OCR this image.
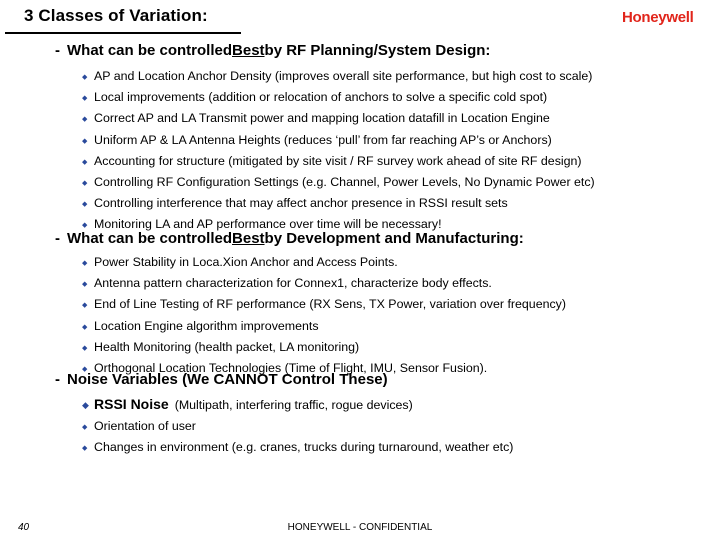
3 Classes of Variation:	Honeywell
- What can be controlled Best by RF Planning/System Design:
◆ AP and Location Anchor Density (improves overall site performance, but high cost to scale)
◆ Local improvements (addition or relocation of anchors to solve a specific cold spot)
◆ Correct AP and LA Transmit power and mapping location datafill in Location Engine
◆ Uniform AP & LA Antenna Heights (reduces ‘pull’ from far reaching AP’s or Anchors)
◆ Accounting for structure (mitigated by site visit / RF survey work ahead of site RF design)
◆ Controlling RF Configuration Settings (e.g. Channel, Power Levels, No Dynamic Power etc)
◆ Controlling interference that may affect anchor presence in RSSI result sets
◆ Monitoring LA and AP performance over time will be necessary!
- What can be controlled Best by Development and Manufacturing:
◆ Power Stability in Loca.Xion Anchor and Access Points.
◆ Antenna pattern characterization for Connex1, characterize body effects.
◆ End of Line Testing of RF performance (RX Sens, TX Power, variation over frequency)
◆ Location Engine algorithm improvements
◆ Health Monitoring (health packet, LA monitoring)
◆ Orthogonal Location Technologies (Time of Flight, IMU, Sensor Fusion).
- Noise Variables (We CANNOT Control These)
◆ RSSI Noise (Multipath, interfering traffic, rogue devices)
◆ Orientation of user
◆ Changes in environment (e.g. cranes, trucks during turnaround, weather etc)
40	HONEYWELL - CONFIDENTIAL
